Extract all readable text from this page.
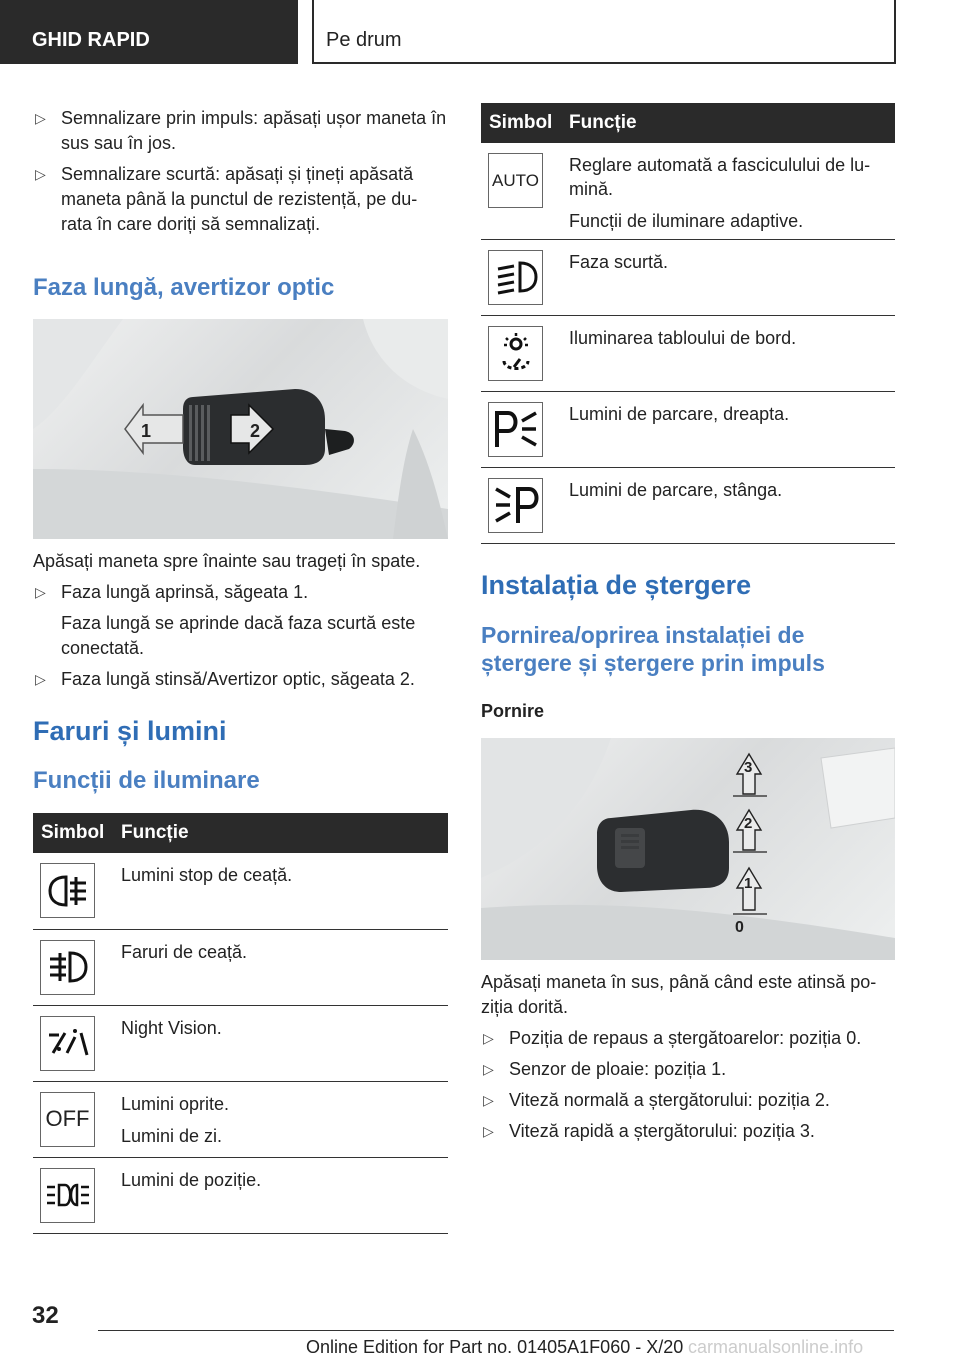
GHID RAPID	Pe drum
▷ Semnalizare prin impuls: apăsați ușor maneta în sus sau în jos.
▷ Semnalizare scurtă: apăsați și țineți apăsată maneta până la punctul de rezistență, pe du-rata în care doriți să semnalizați.
Faza lungă, avertizor optic
1	2
Apăsați maneta spre înainte sau trageți în spate.
▷ Faza lungă aprinsă, săgeata 1.
Faza lungă se aprinde dacă faza scurtă este conectată.
▷ Faza lungă stinsă/Avertizor optic, săgeata 2.
Faruri și lumini
Funcții de iluminare
Simbol	Funcție

Lumini stop de ceață.

Faruri de ceață.

Night Vision.

OFF	Lumini oprite.

Lumini de zi.

Lumini de poziție.

Simbol	Funcție

AUTO	Reglare automată a fasciculului de lu-mină.

Funcții de iluminare adaptive.

Faza scurtă.

Iluminarea tabloului de bord.

Lumini de parcare, dreapta.

Lumini de parcare, stânga.

Instalația de ștergere
Pornirea/oprirea instalației de ștergere și ștergere prin impuls
Pornire
3
2
1
0
Apăsați maneta în sus, până când este atinsă po-ziția dorită.
▷ Poziția de repaus a ștergătoarelor: poziția 0.
▷ Senzor de ploaie: poziția 1.
▷ Viteză normală a ștergătorului: poziția 2.
▷ Viteză rapidă a ștergătorului: poziția 3.
32
Online Edition for Part no. 01405A1F060 - X/20 carmanualsonline.info
